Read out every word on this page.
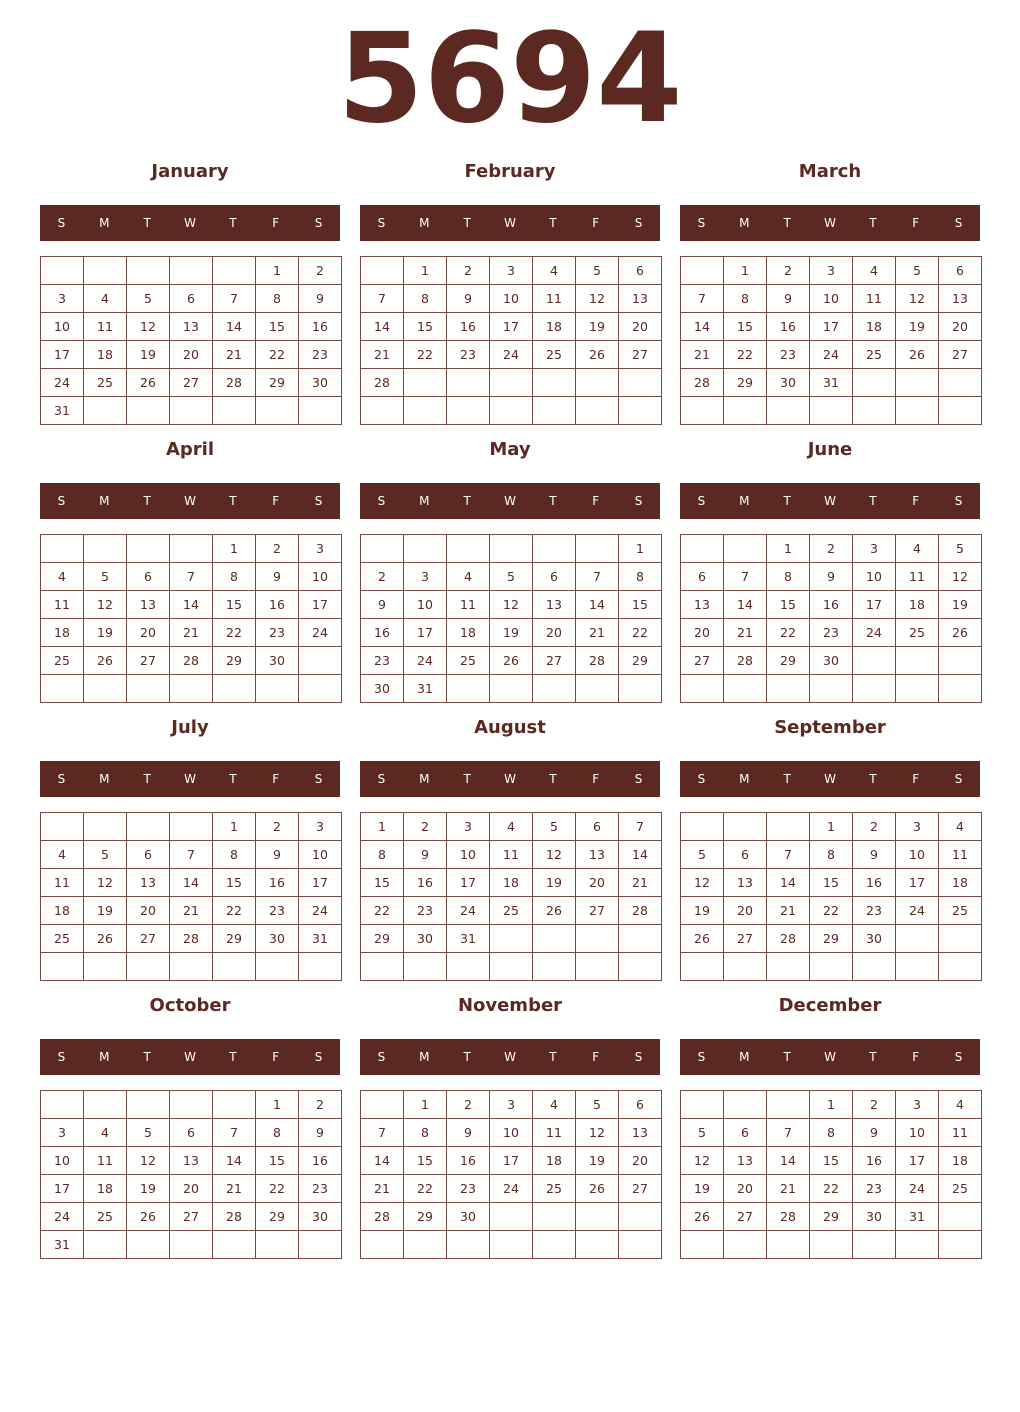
5694
January
S	M	T	W	T	F	S
					1	2
3	4	5	6	7	8	9
10	11	12	13	14	15	16
17	18	19	20	21	22	23
24	25	26	27	28	29	30
31						
February
S	M	T	W	T	F	S
	1	2	3	4	5	6
7	8	9	10	11	12	13
14	15	16	17	18	19	20
21	22	23	24	25	26	27
28						

March
S	M	T	W	T	F	S
	1	2	3	4	5	6
7	8	9	10	11	12	13
14	15	16	17	18	19	20
21	22	23	24	25	26	27
28	29	30	31			

April
S	M	T	W	T	F	S
				1	2	3
4	5	6	7	8	9	10
11	12	13	14	15	16	17
18	19	20	21	22	23	24
25	26	27	28	29	30	

May
S	M	T	W	T	F	S
						1
2	3	4	5	6	7	8
9	10	11	12	13	14	15
16	17	18	19	20	21	22
23	24	25	26	27	28	29
30	31					
June
S	M	T	W	T	F	S
		1	2	3	4	5
6	7	8	9	10	11	12
13	14	15	16	17	18	19
20	21	22	23	24	25	26
27	28	29	30			

July
S	M	T	W	T	F	S
				1	2	3
4	5	6	7	8	9	10
11	12	13	14	15	16	17
18	19	20	21	22	23	24
25	26	27	28	29	30	31

August
S	M	T	W	T	F	S
1	2	3	4	5	6	7
8	9	10	11	12	13	14
15	16	17	18	19	20	21
22	23	24	25	26	27	28
29	30	31				

September
S	M	T	W	T	F	S
			1	2	3	4
5	6	7	8	9	10	11
12	13	14	15	16	17	18
19	20	21	22	23	24	25
26	27	28	29	30		

October
S	M	T	W	T	F	S
					1	2
3	4	5	6	7	8	9
10	11	12	13	14	15	16
17	18	19	20	21	22	23
24	25	26	27	28	29	30
31						
November
S	M	T	W	T	F	S
	1	2	3	4	5	6
7	8	9	10	11	12	13
14	15	16	17	18	19	20
21	22	23	24	25	26	27
28	29	30				

December
S	M	T	W	T	F	S
			1	2	3	4
5	6	7	8	9	10	11
12	13	14	15	16	17	18
19	20	21	22	23	24	25
26	27	28	29	30	31	
